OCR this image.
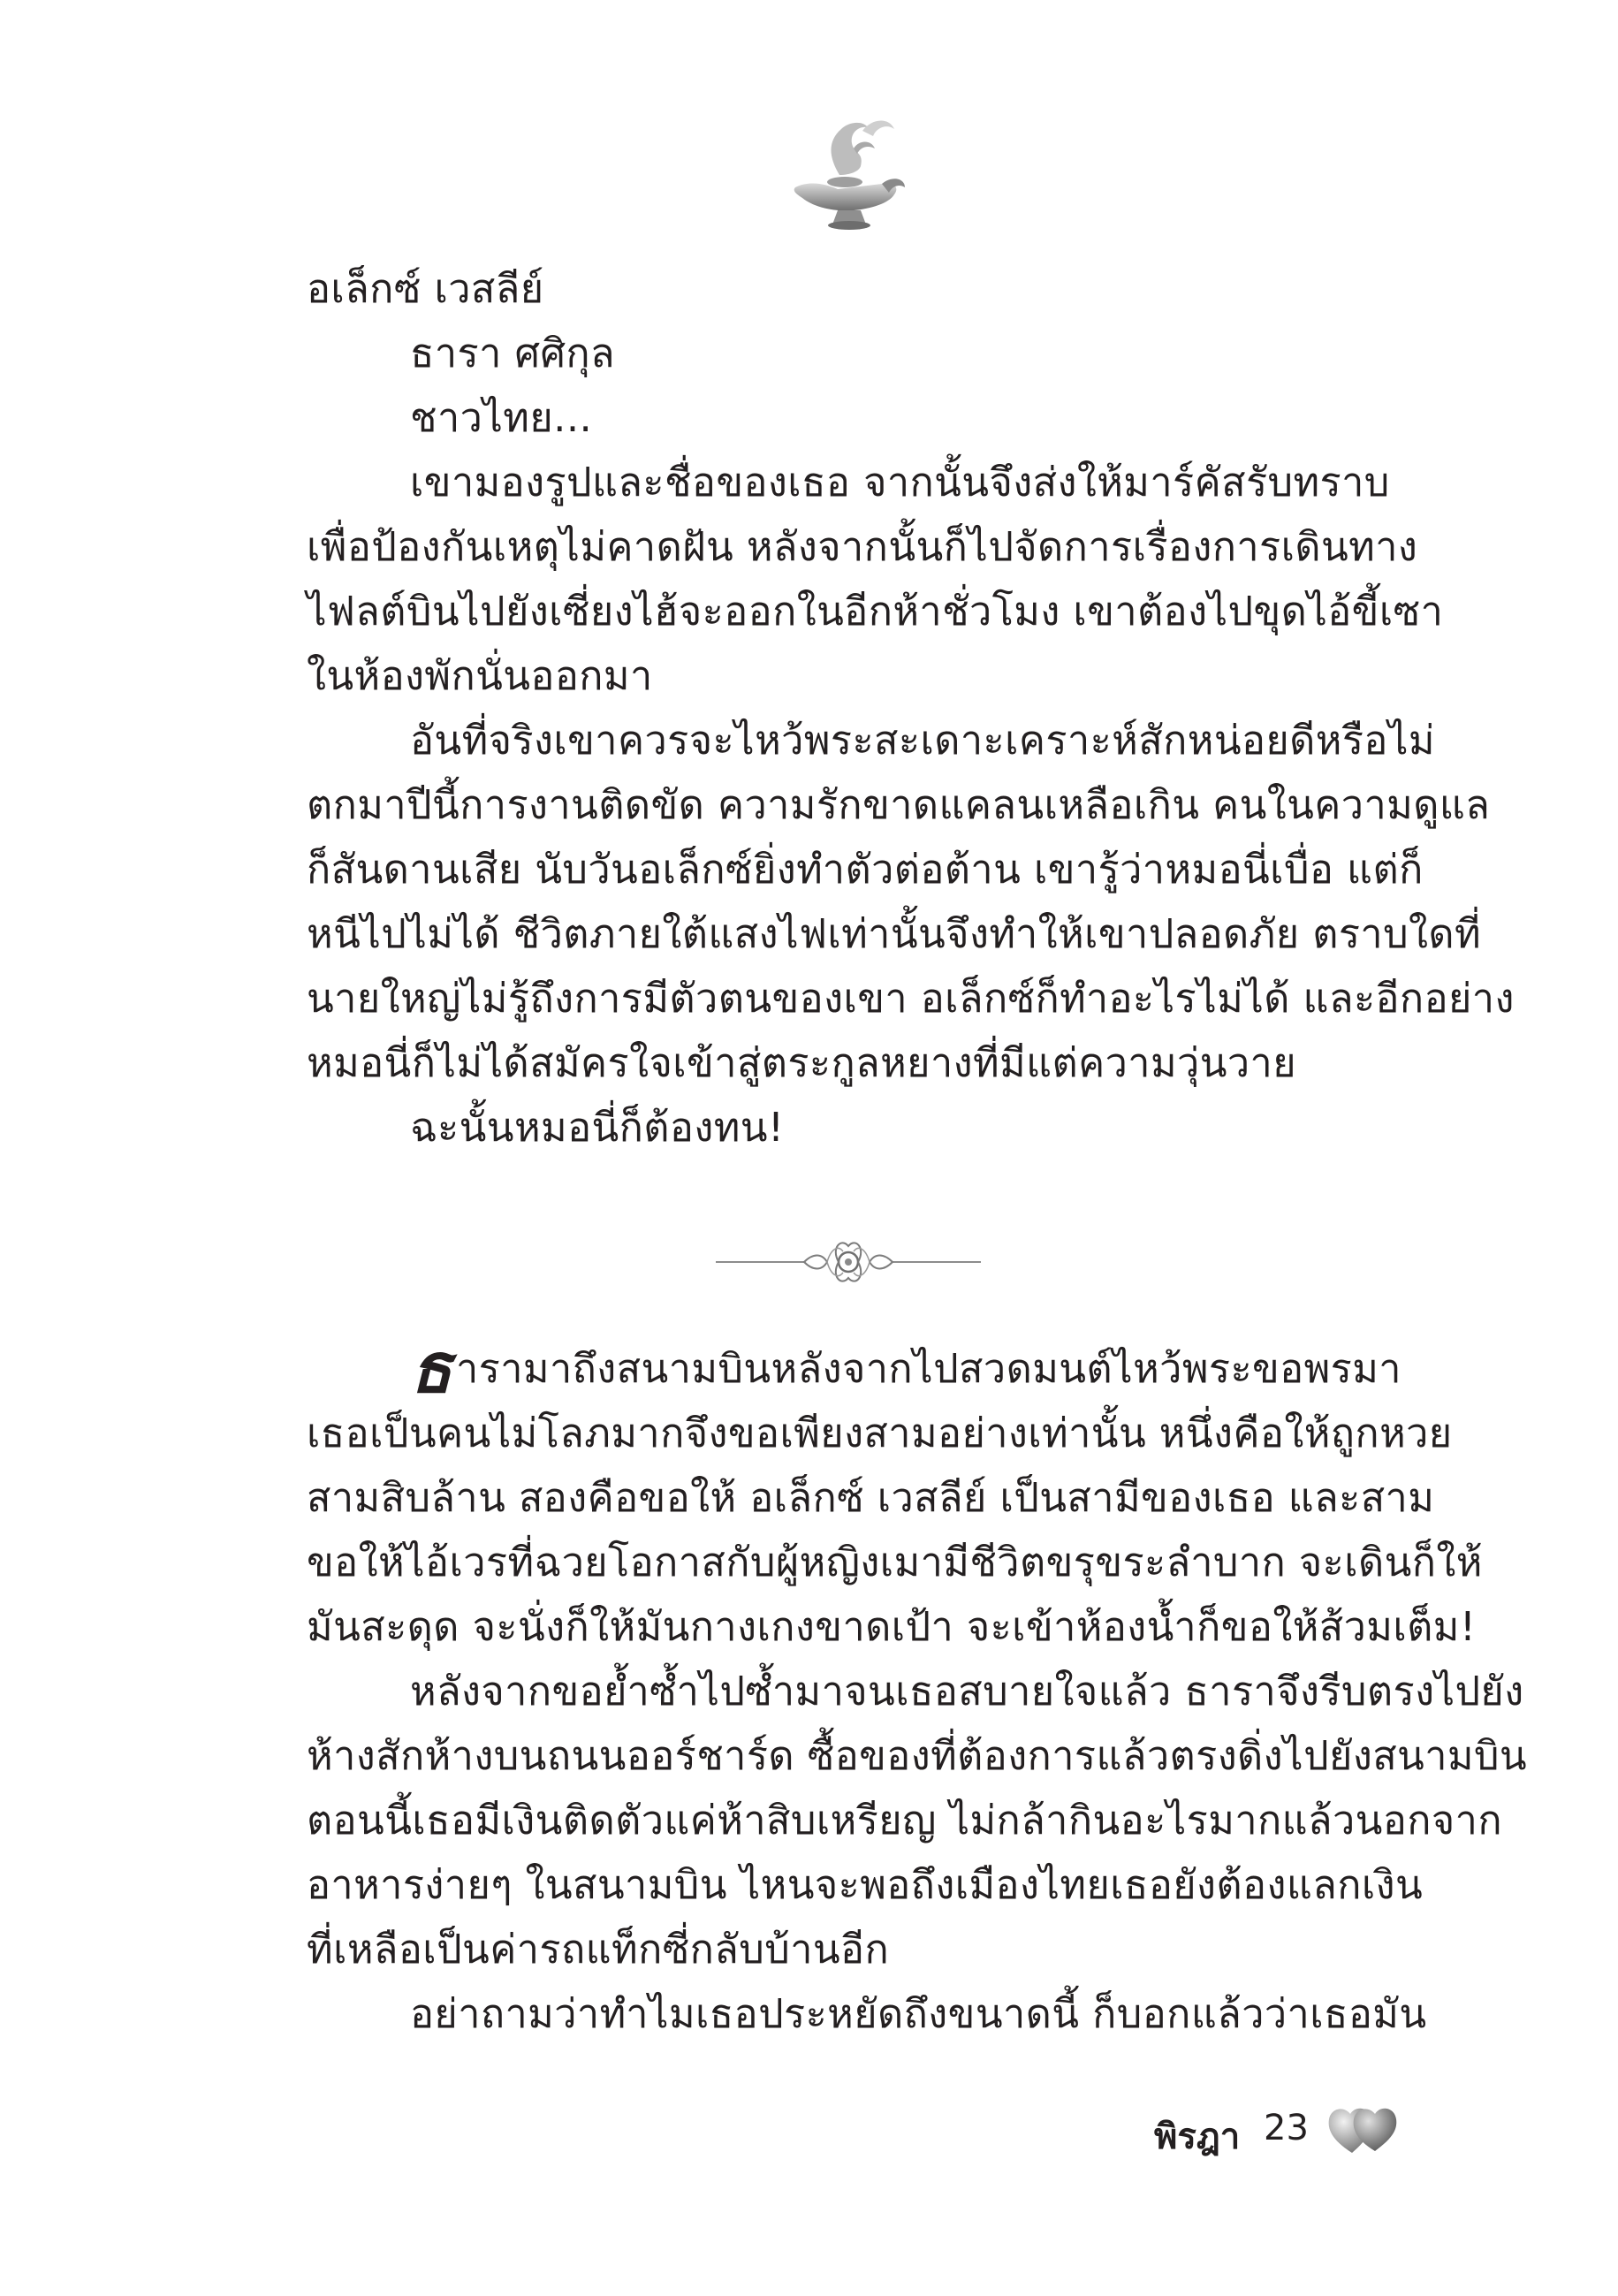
อเล็กซ์ เวสลีย์
ธารา ศศิกุล
ชาวไทย...
เขามองรูปและชื่อของเธอ จากนั้นจึงส่งให้มาร์คัสรับทราบ
เพื่อป้องกันเหตุไม่คาดฝัน หลังจากนั้นก็ไปจัดการเรื่องการเดินทาง
ไฟลต์บินไปยังเซี่ยงไฮ้จะออกในอีกห้าชั่วโมง เขาต้องไปขุดไอ้ขี้เซา
ในห้องพักนั่นออกมา
อันที่จริงเขาควรจะไหว้พระสะเดาะเคราะห์สักหน่อยดีหรือไม่
ตกมาปีนี้การงานติดขัด ความรักขาดแคลนเหลือเกิน คนในความดูแล
ก็สันดานเสีย นับวันอเล็กซ์ยิ่งทำตัวต่อต้าน เขารู้ว่าหมอนี่เบื่อ แต่ก็
หนีไปไม่ได้ ชีวิตภายใต้แสงไฟเท่านั้นจึงทำให้เขาปลอดภัย ตราบใดที่
นายใหญ่ไม่รู้ถึงการมีตัวตนของเขา อเล็กซ์ก็ทำอะไรไม่ได้ และอีกอย่าง
หมอนี่ก็ไม่ได้สมัครใจเข้าสู่ตระกูลหยางที่มีแต่ความวุ่นวาย
ฉะนั้นหมอนี่ก็ต้องทน!
ธารามาถึงสนามบินหลังจากไปสวดมนต์ไหว้พระขอพรมา
เธอเป็นคนไม่โลภมากจึงขอเพียงสามอย่างเท่านั้น หนึ่งคือให้ถูกหวย
สามสิบล้าน สองคือขอให้ อเล็กซ์ เวสลีย์ เป็นสามีของเธอ และสาม
ขอให้ไอ้เวรที่ฉวยโอกาสกับผู้หญิงเมามีชีวิตขรุขระลำบาก จะเดินก็ให้
มันสะดุด จะนั่งก็ให้มันกางเกงขาดเป้า จะเข้าห้องน้ำก็ขอให้ส้วมเต็ม!
หลังจากขอย้ำซ้ำไปซ้ำมาจนเธอสบายใจแล้ว ธาราจึงรีบตรงไปยัง
ห้างสักห้างบนถนนออร์ชาร์ด ซื้อของที่ต้องการแล้วตรงดิ่งไปยังสนามบิน
ตอนนี้เธอมีเงินติดตัวแค่ห้าสิบเหรียญ ไม่กล้ากินอะไรมากแล้วนอกจาก
อาหารง่ายๆ ในสนามบิน ไหนจะพอถึงเมืองไทยเธอยังต้องแลกเงิน
ที่เหลือเป็นค่ารถแท็กซี่กลับบ้านอีก
อย่าถามว่าทำไมเธอประหยัดถึงขนาดนี้ ก็บอกแล้วว่าเธอมัน
พิรฎา 23
